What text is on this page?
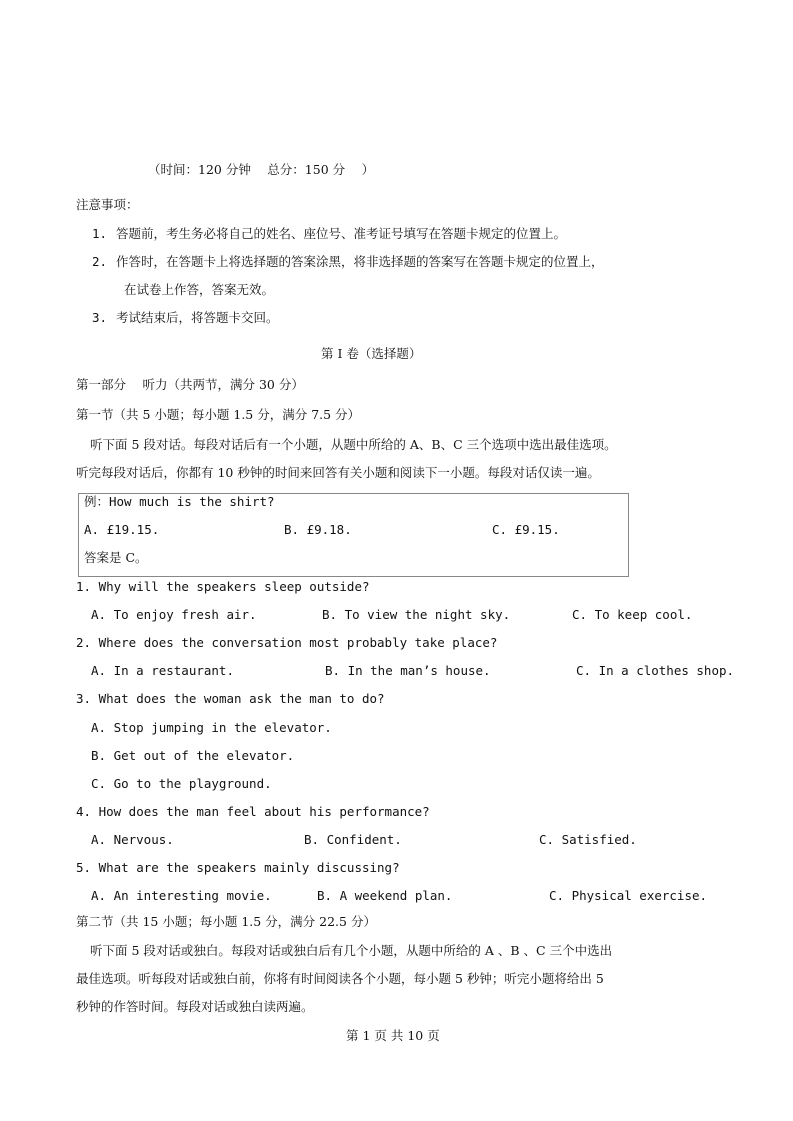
（时间：120 分钟　 总分：150 分　 ）
注意事项：
1. 答题前，考生务必将自己的姓名、座位号、准考证号填写在答题卡规定的位置上。
2. 作答时，在答题卡上将选择题的答案涂黑，将非选择题的答案写在答题卡规定的位置上，
在试卷上作答，答案无效。
3. 考试结束后，将答题卡交回。
第 I 卷（选择题）
第一部分　 听力（共两节，满分 30 分）
第一节（共 5 小题；每小题 1.5 分，满分 7.5 分）
听下面 5 段对话。每段对话后有一个小题，从题中所给的 A、B、C 三个选项中选出最佳选项。
听完每段对话后，你都有 10 秒钟的时间来回答有关小题和阅读下一小题。每段对话仅读一遍。
例：How much is the shirt?
A. £19.15.	B. £9.18.	C. £9.15.
答案是 C。
1. Why will the speakers sleep outside?
A. To enjoy fresh air.	B. To view the night sky.	C. To keep cool.
2. Where does the conversation most probably take place?
A. In a restaurant.	B. In the man’s house.	C. In a clothes shop.
3. What does the woman ask the man to do?
A. Stop jumping in the elevator.
B. Get out of the elevator.
C. Go to the playground.
4. How does the man feel about his performance?
A. Nervous.	B. Confident.	C. Satisfied.
5. What are the speakers mainly discussing?
A. An interesting movie.	B. A weekend plan.	C. Physical exercise.
第二节（共 15 小题；每小题 1.5 分，满分 22.5 分）
听下面 5 段对话或独白。每段对话或独白后有几个小题，从题中所给的 A 、B 、C 三个中选出
最佳选项。听每段对话或独白前，你将有时间阅读各个小题，每小题 5 秒钟；听完小题将给出 5
秒钟的作答时间。每段对话或独白读两遍。
第 1 页 共 10 页
